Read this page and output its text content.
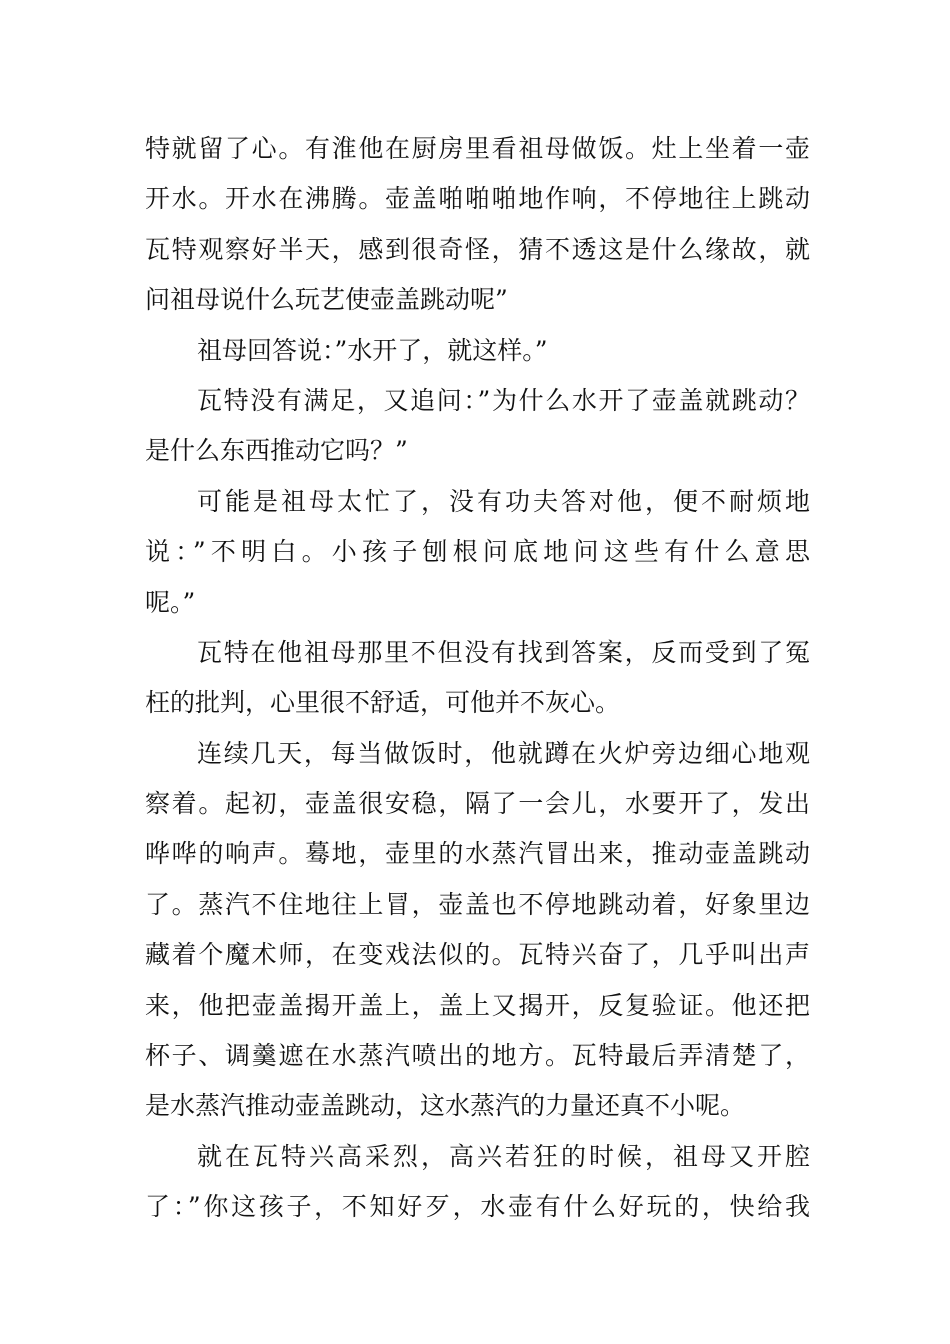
特就留了心。有淮他在厨房里看祖母做饭。灶上坐着一壶
开水。开水在沸腾。壶盖啪啪啪地作响，不停地往上跳动
瓦特观察好半天，感到很奇怪，猜不透这是什么缘故，就
问祖母说什么玩艺使壶盖跳动呢”
祖母回答说：”水开了，就这样。”
瓦特没有满足，又追问：”为什么水开了壶盖就跳动？
是什么东西推动它吗？”
可能是祖母太忙了，没有功夫答对他，便不耐烦地
说：”不明白。小孩子刨根问底地问这些有什么意思
呢。”
瓦特在他祖母那里不但没有找到答案，反而受到了冤
枉的批判，心里很不舒适，可他并不灰心。
连续几天，每当做饭时，他就蹲在火炉旁边细心地观
察着。起初，壶盖很安稳，隔了一会儿，水要开了，发出
哗哗的响声。蓦地，壶里的水蒸汽冒出来，推动壶盖跳动
了。蒸汽不住地往上冒，壶盖也不停地跳动着，好象里边
藏着个魔术师，在变戏法似的。瓦特兴奋了，几乎叫出声
来，他把壶盖揭开盖上，盖上又揭开，反复验证。他还把
杯子、调羹遮在水蒸汽喷出的地方。瓦特最后弄清楚了，
是水蒸汽推动壶盖跳动，这水蒸汽的力量还真不小呢。
就在瓦特兴高采烈，高兴若狂的时候，祖母又开腔
了：”你这孩子，不知好歹，水壶有什么好玩的，快给我
